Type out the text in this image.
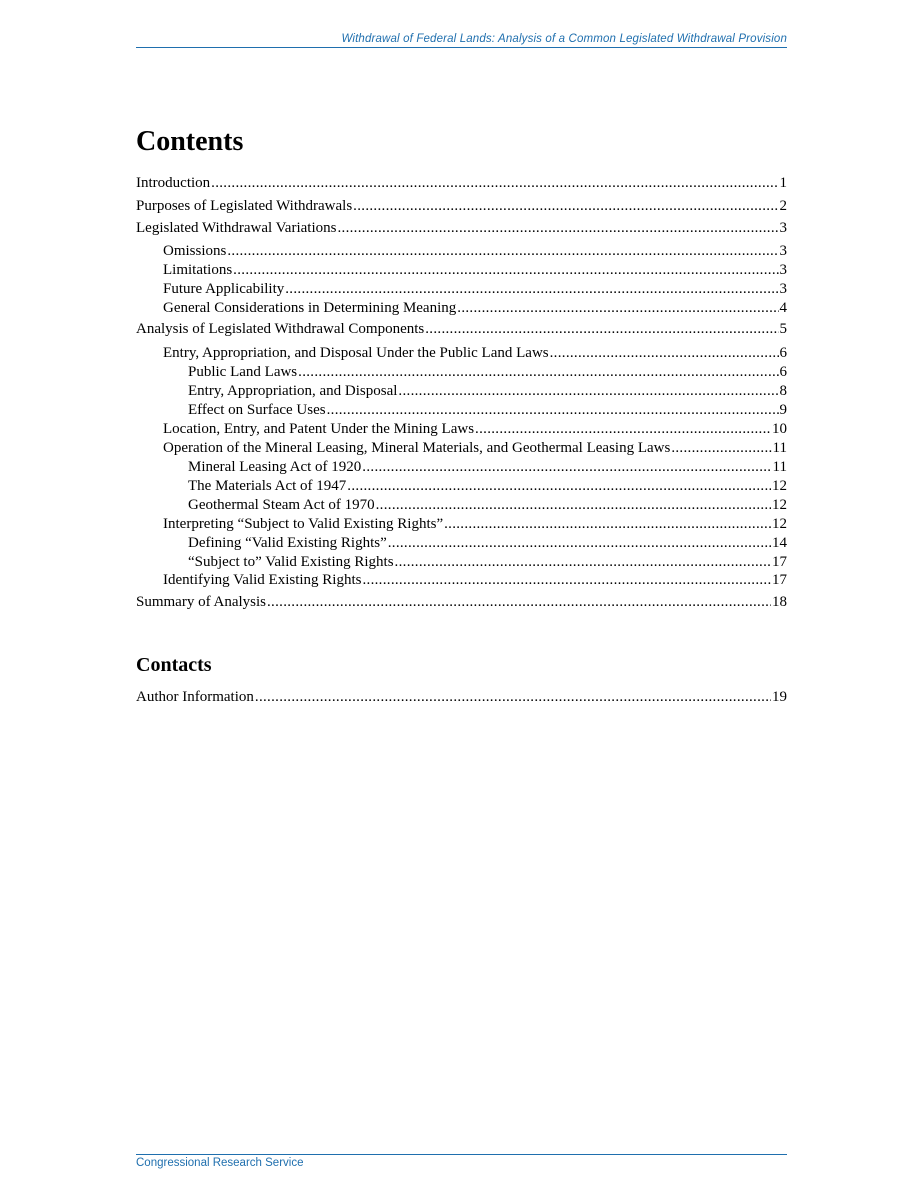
Withdrawal of Federal Lands: Analysis of a Common Legislated Withdrawal Provision
Contents
Introduction .....	1
Purposes of Legislated Withdrawals .....	2
Legislated Withdrawal Variations .....	3
Omissions .....	3
Limitations .....	3
Future Applicability .....	3
General Considerations in Determining Meaning .....	4
Analysis of Legislated Withdrawal Components .....	5
Entry, Appropriation, and Disposal Under the Public Land Laws .....	6
Public Land Laws .....	6
Entry, Appropriation, and Disposal .....	8
Effect on Surface Uses .....	9
Location, Entry, and Patent Under the Mining Laws .....	10
Operation of the Mineral Leasing, Mineral Materials, and Geothermal Leasing Laws .....	11
Mineral Leasing Act of 1920 .....	11
The Materials Act of 1947 .....	12
Geothermal Steam Act of 1970 .....	12
Interpreting “Subject to Valid Existing Rights” .....	12
Defining “Valid Existing Rights” .....	14
“Subject to” Valid Existing Rights .....	17
Identifying Valid Existing Rights .....	17
Summary of Analysis .....	18
Contacts
Author Information .....	19
Congressional Research Service
